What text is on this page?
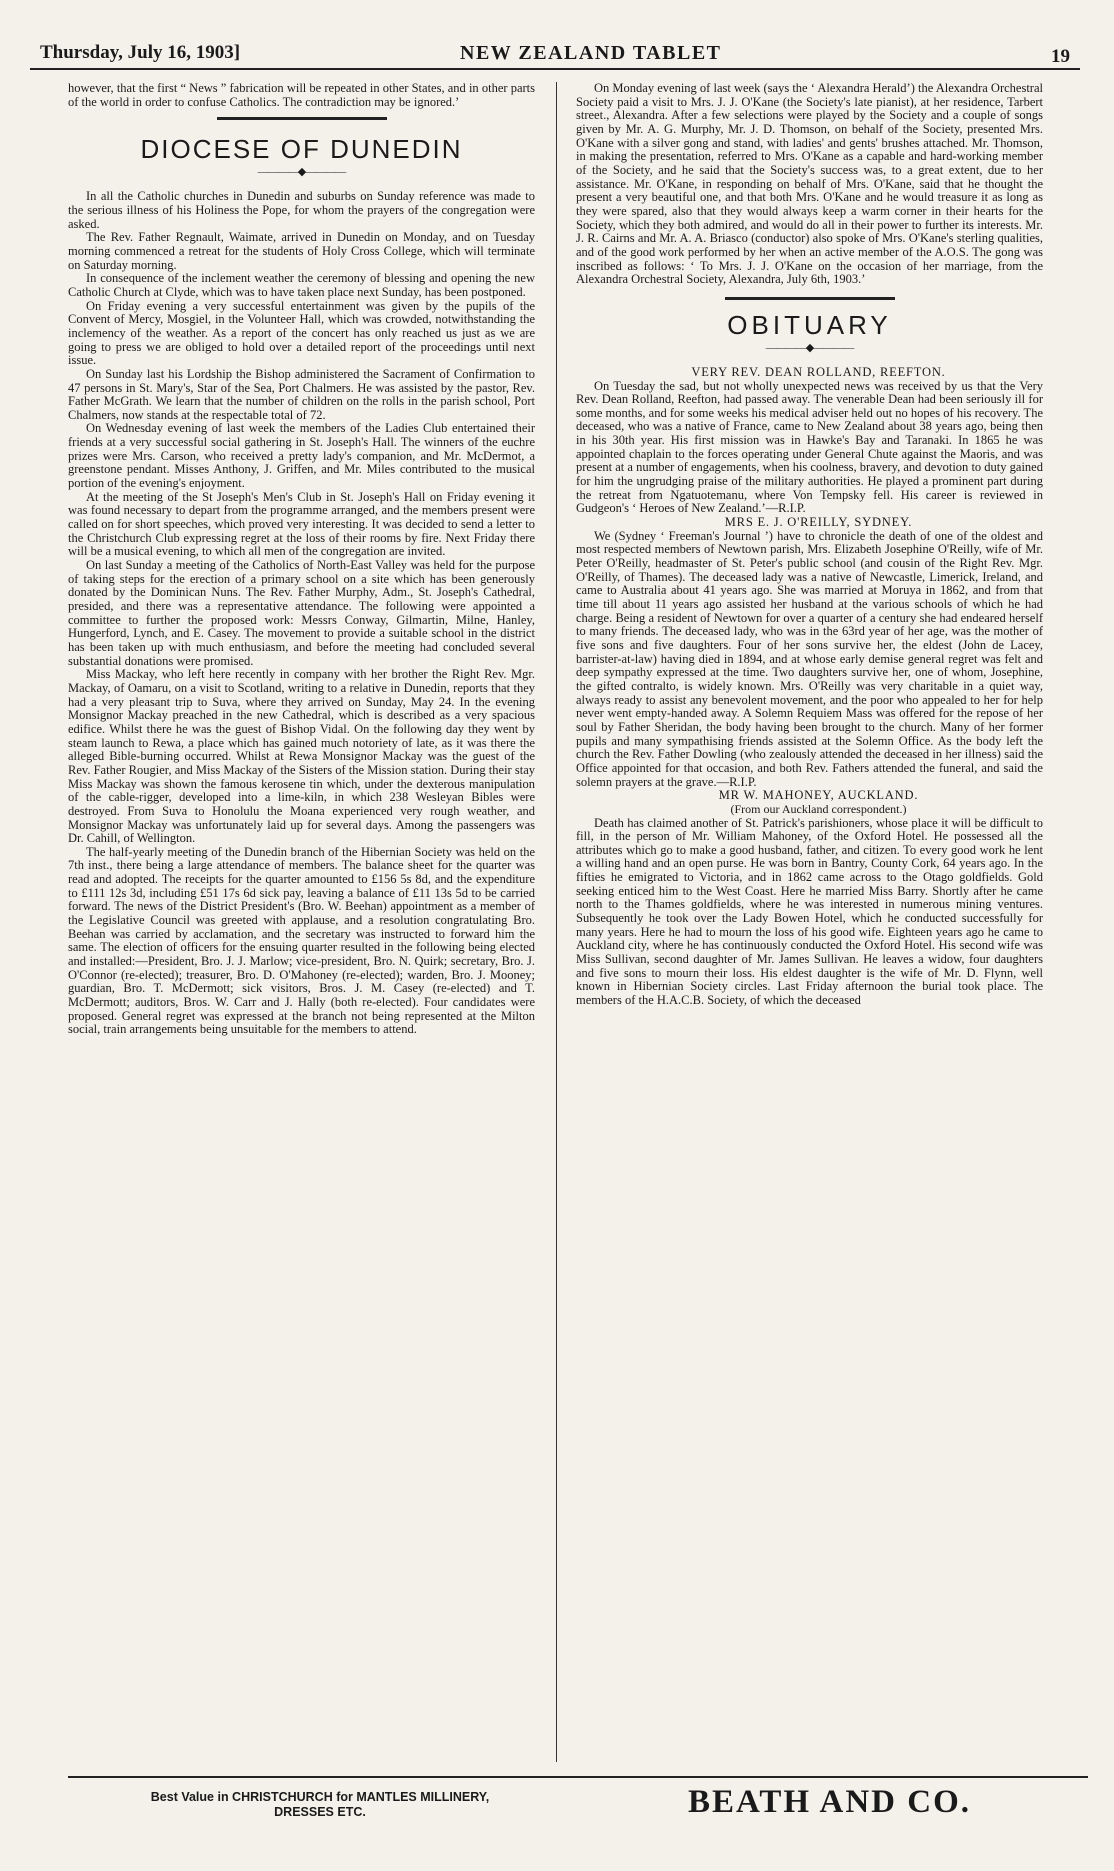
Thursday, July 16, 1903]	NEW ZEALAND TABLET	19

however, that the first “ News ” fabrication will be repeated in other States, and in other parts of the world in order to confuse Catholics. The contradiction may be ignored.’

DIOCESE OF DUNEDIN
————◆————

In all the Catholic churches in Dunedin and suburbs on Sunday reference was made to the serious illness of his Holiness the Pope, for whom the prayers of the congregation were asked.

The Rev. Father Regnault, Waimate, arrived in Dunedin on Monday, and on Tuesday morning commenced a retreat for the students of Holy Cross College, which will terminate on Saturday morning.

In consequence of the inclement weather the ceremony of blessing and opening the new Catholic Church at Clyde, which was to have taken place next Sunday, has been postponed.

On Friday evening a very successful entertainment was given by the pupils of the Convent of Mercy, Mosgiel, in the Volunteer Hall, which was crowded, notwithstanding the inclemency of the weather. As a report of the concert has only reached us just as we are going to press we are obliged to hold over a detailed report of the proceedings until next issue.

On Sunday last his Lordship the Bishop administered the Sacrament of Confirmation to 47 persons in St. Mary's, Star of the Sea, Port Chalmers. He was assisted by the pastor, Rev. Father McGrath. We learn that the number of children on the rolls in the parish school, Port Chalmers, now stands at the respectable total of 72.

On Wednesday evening of last week the members of the Ladies Club entertained their friends at a very successful social gathering in St. Joseph's Hall. The winners of the euchre prizes were Mrs. Carson, who received a pretty lady's companion, and Mr. McDermot, a greenstone pendant. Misses Anthony, J. Griffen, and Mr. Miles contributed to the musical portion of the evening's enjoyment.

At the meeting of the St Joseph's Men's Club in St. Joseph's Hall on Friday evening it was found necessary to depart from the programme arranged, and the members present were called on for short speeches, which proved very interesting. It was decided to send a letter to the Christchurch Club expressing regret at the loss of their rooms by fire. Next Friday there will be a musical evening, to which all men of the congregation are invited.

On last Sunday a meeting of the Catholics of North-East Valley was held for the purpose of taking steps for the erection of a primary school on a site which has been generously donated by the Dominican Nuns. The Rev. Father Murphy, Adm., St. Joseph's Cathedral, presided, and there was a representative attendance. The following were appointed a committee to further the proposed work: Messrs Conway, Gilmartin, Milne, Hanley, Hungerford, Lynch, and E. Casey. The movement to provide a suitable school in the district has been taken up with much enthusiasm, and before the meeting had concluded several substantial donations were promised.

Miss Mackay, who left here recently in company with her brother the Right Rev. Mgr. Mackay, of Oamaru, on a visit to Scotland, writing to a relative in Dunedin, reports that they had a very pleasant trip to Suva, where they arrived on Sunday, May 24. In the evening Monsignor Mackay preached in the new Cathedral, which is described as a very spacious edifice. Whilst there he was the guest of Bishop Vidal. On the following day they went by steam launch to Rewa, a place which has gained much notoriety of late, as it was there the alleged Bible-burning occurred. Whilst at Rewa Monsignor Mackay was the guest of the Rev. Father Rougier, and Miss Mackay of the Sisters of the Mission station. During their stay Miss Mackay was shown the famous kerosene tin which, under the dexterous manipulation of the cable-rigger, developed into a lime-kiln, in which 238 Wesleyan Bibles were destroyed. From Suva to Honolulu the Moana experienced very rough weather, and Monsignor Mackay was unfortunately laid up for several days. Among the passengers was Dr. Cahill, of Wellington.

The half-yearly meeting of the Dunedin branch of the Hibernian Society was held on the 7th inst., there being a large attendance of members. The balance sheet for the quarter was read and adopted. The receipts for the quarter amounted to £156 5s 8d, and the expenditure to £111 12s 3d, including £51 17s 6d sick pay, leaving a balance of £11 13s 5d to be carried forward. The news of the District President's (Bro. W. Beehan) appointment as a member of the Legislative Council was greeted with applause, and a resolution congratulating Bro. Beehan was carried by acclamation, and the secretary was instructed to forward him the same. The election of officers for the ensuing quarter resulted in the following being elected and installed:—President, Bro. J. J. Marlow; vice-president, Bro. N. Quirk; secretary, Bro. J. O'Connor (re-elected); treasurer, Bro. D. O'Mahoney (re-elected); warden, Bro. J. Mooney; guardian, Bro. T. McDermott; sick visitors, Bros. J. M. Casey (re-elected) and T. McDermott; auditors, Bros. W. Carr and J. Hally (both re-elected). Four candidates were proposed. General regret was expressed at the branch not being represented at the Milton social, train arrangements being unsuitable for the members to attend.

On Monday evening of last week (says the ‘ Alexandra Herald’) the Alexandra Orchestral Society paid a visit to Mrs. J. J. O'Kane (the Society's late pianist), at her residence, Tarbert street., Alexandra. After a few selections were played by the Society and a couple of songs given by Mr. A. G. Murphy, Mr. J. D. Thomson, on behalf of the Society, presented Mrs. O'Kane with a silver gong and stand, with ladies' and gents' brushes attached. Mr. Thomson, in making the presentation, referred to Mrs. O'Kane as a capable and hard-working member of the Society, and he said that the Society's success was, to a great extent, due to her assistance. Mr. O'Kane, in responding on behalf of Mrs. O'Kane, said that he thought the present a very beautiful one, and that both Mrs. O'Kane and he would treasure it as long as they were spared, also that they would always keep a warm corner in their hearts for the Society, which they both admired, and would do all in their power to further its interests. Mr. J. R. Cairns and Mr. A. A. Briasco (conductor) also spoke of Mrs. O'Kane's sterling qualities, and of the good work performed by her when an active member of the A.O.S. The gong was inscribed as follows: ‘ To Mrs. J. J. O'Kane on the occasion of her marriage, from the Alexandra Orchestral Society, Alexandra, July 6th, 1903.’

OBITUARY
————◆————

VERY REV. DEAN ROLLAND, REEFTON.

On Tuesday the sad, but not wholly unexpected news was received by us that the Very Rev. Dean Rolland, Reefton, had passed away. The venerable Dean had been seriously ill for some months, and for some weeks his medical adviser held out no hopes of his recovery. The deceased, who was a native of France, came to New Zealand about 38 years ago, being then in his 30th year. His first mission was in Hawke's Bay and Taranaki. In 1865 he was appointed chaplain to the forces operating under General Chute against the Maoris, and was present at a number of engagements, when his coolness, bravery, and devotion to duty gained for him the ungrudging praise of the military authorities. He played a prominent part during the retreat from Ngatuotemanu, where Von Tempsky fell. His career is reviewed in Gudgeon's ‘ Heroes of New Zealand.’—R.I.P.

MRS E. J. O'REILLY, SYDNEY.

We (Sydney ‘ Freeman's Journal ’) have to chronicle the death of one of the oldest and most respected members of Newtown parish, Mrs. Elizabeth Josephine O'Reilly, wife of Mr. Peter O'Reilly, headmaster of St. Peter's public school (and cousin of the Right Rev. Mgr. O'Reilly, of Thames). The deceased lady was a native of Newcastle, Limerick, Ireland, and came to Australia about 41 years ago. She was married at Moruya in 1862, and from that time till about 11 years ago assisted her husband at the various schools of which he had charge. Being a resident of Newtown for over a quarter of a century she had endeared herself to many friends. The deceased lady, who was in the 63rd year of her age, was the mother of five sons and five daughters. Four of her sons survive her, the eldest (John de Lacey, barrister-at-law) having died in 1894, and at whose early demise general regret was felt and deep sympathy expressed at the time. Two daughters survive her, one of whom, Josephine, the gifted contralto, is widely known. Mrs. O'Reilly was very charitable in a quiet way, always ready to assist any benevolent movement, and the poor who appealed to her for help never went empty-handed away. A Solemn Requiem Mass was offered for the repose of her soul by Father Sheridan, the body having been brought to the church. Many of her former pupils and many sympathising friends assisted at the Solemn Office. As the body left the church the Rev. Father Dowling (who zealously attended the deceased in her illness) said the Office appointed for that occasion, and both Rev. Fathers attended the funeral, and said the solemn prayers at the grave.—R.I.P.

MR W. MAHONEY, AUCKLAND.

(From our Auckland correspondent.)

Death has claimed another of St. Patrick's parishioners, whose place it will be difficult to fill, in the person of Mr. William Mahoney, of the Oxford Hotel. He possessed all the attributes which go to make a good husband, father, and citizen. To every good work he lent a willing hand and an open purse. He was born in Bantry, County Cork, 64 years ago. In the fifties he emigrated to Victoria, and in 1862 came across to the Otago goldfields. Gold seeking enticed him to the West Coast. Here he married Miss Barry. Shortly after he came north to the Thames goldfields, where he was interested in numerous mining ventures. Subsequently he took over the Lady Bowen Hotel, which he conducted successfully for many years. Here he had to mourn the loss of his good wife. Eighteen years ago he came to Auckland city, where he has continuously conducted the Oxford Hotel. His second wife was Miss Sullivan, second daughter of Mr. James Sullivan. He leaves a widow, four daughters and five sons to mourn their loss. His eldest daughter is the wife of Mr. D. Flynn, well known in Hibernian Society circles. Last Friday afternoon the burial took place. The members of the H.A.C.B. Society, of which the deceased

Best Value in CHRISTCHURCH for MANTLES MILLINERY,
DRESSES ETC.	BEATH AND CO.
